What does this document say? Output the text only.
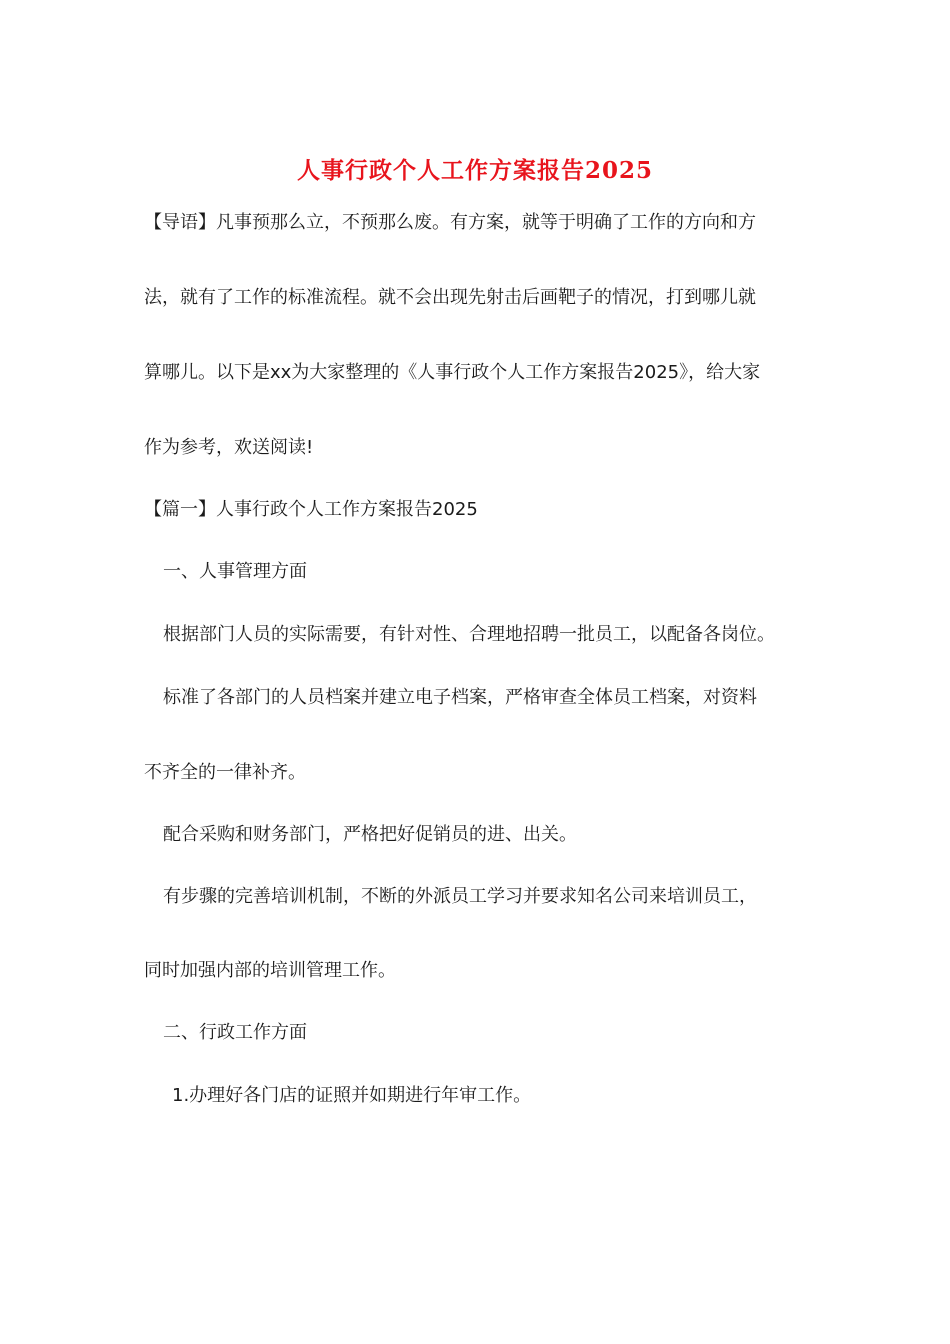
人事行政个人工作方案报告2025
【导语】凡事预那么立，不预那么废。有方案，就等于明确了工作的方向和方
法，就有了工作的标准流程。就不会出现先射击后画靶子的情况，打到哪儿就
算哪儿。以下是xx为大家整理的《人事行政个人工作方案报告2025》，给大家
作为参考，欢送阅读!
【篇一】人事行政个人工作方案报告2025
一、人事管理方面
根据部门人员的实际需要，有针对性、合理地招聘一批员工，以配备各岗位。
标准了各部门的人员档案并建立电子档案，严格审查全体员工档案，对资料
不齐全的一律补齐。
配合采购和财务部门，严格把好促销员的进、出关。
有步骤的完善培训机制，不断的外派员工学习并要求知名公司来培训员工，
同时加强内部的培训管理工作。
二、行政工作方面
1.办理好各门店的证照并如期进行年审工作。
